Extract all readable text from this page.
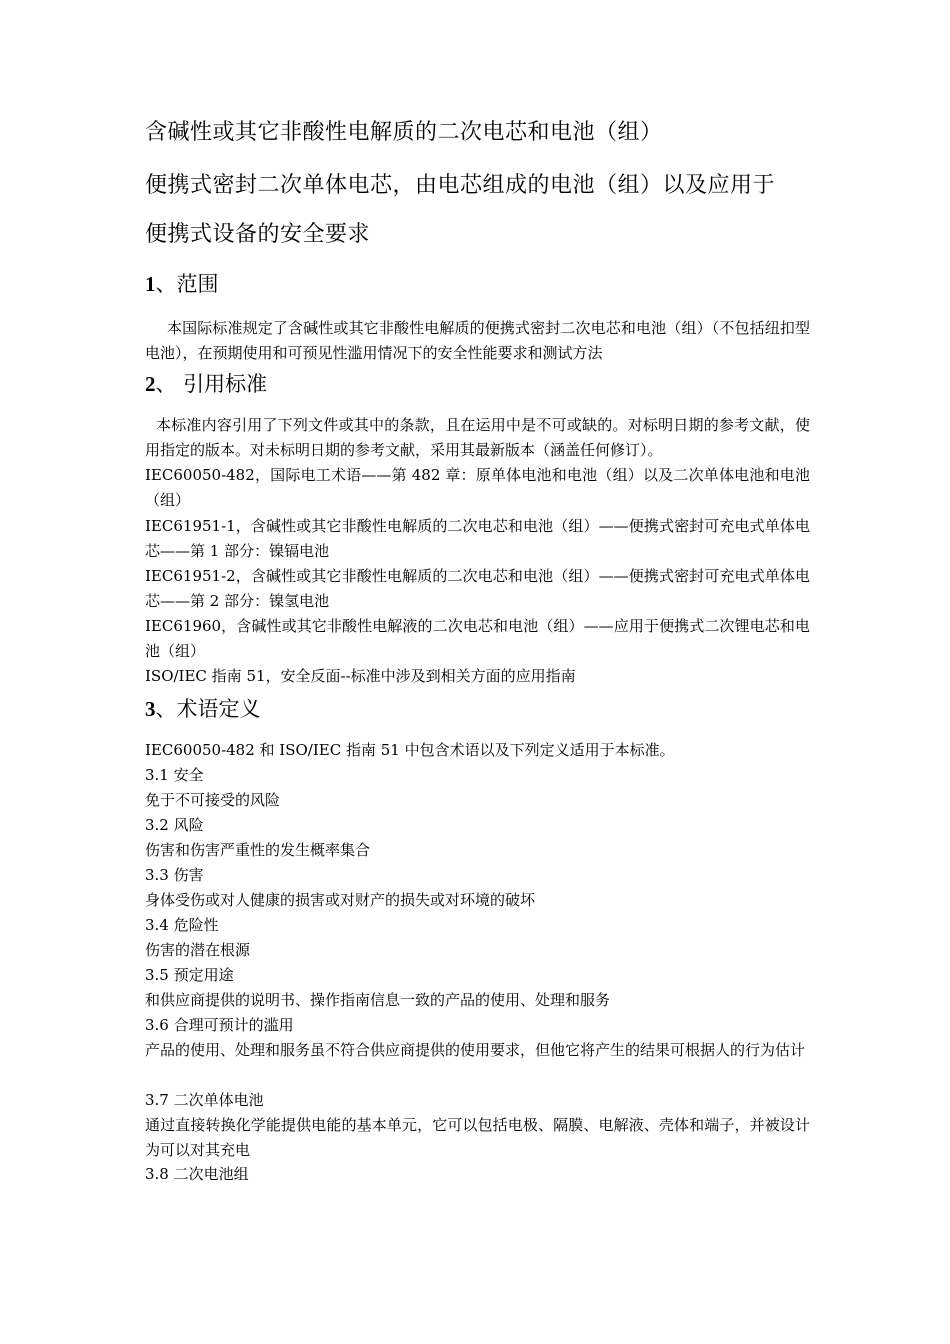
含碱性或其它非酸性电解质的二次电芯和电池（组）
便携式密封二次单体电芯，由电芯组成的电池（组）以及应用于
便携式设备的安全要求
1、范围
本国际标准规定了含碱性或其它非酸性电解质的便携式密封二次电芯和电池（组）（不包括纽扣型电池），在预期使用和可预见性滥用情况下的安全性能要求和测试方法
2、 引用标准
本标准内容引用了下列文件或其中的条款，且在运用中是不可或缺的。对标明日期的参考文献，使用指定的版本。对未标明日期的参考文献，采用其最新版本（涵盖任何修订）。
IEC60050-482，国际电工术语——第 482 章：原单体电池和电池（组）以及二次单体电池和电池（组）
IEC61951-1，含碱性或其它非酸性电解质的二次电芯和电池（组）——便携式密封可充电式单体电芯——第 1 部分：镍镉电池
IEC61951-2，含碱性或其它非酸性电解质的二次电芯和电池（组）——便携式密封可充电式单体电芯——第 2 部分：镍氢电池
IEC61960，含碱性或其它非酸性电解液的二次电芯和电池（组）——应用于便携式二次锂电芯和电池（组）
ISO/IEC 指南 51，安全反面--标准中涉及到相关方面的应用指南
3、术语定义
IEC60050-482 和 ISO/IEC 指南 51 中包含术语以及下列定义适用于本标准。
3.1 安全
免于不可接受的风险
3.2 风险
伤害和伤害严重性的发生概率集合
3.3 伤害
身体受伤或对人健康的损害或对财产的损失或对环境的破坏
3.4 危险性
伤害的潜在根源
3.5 预定用途
和供应商提供的说明书、操作指南信息一致的产品的使用、处理和服务
3.6 合理可预计的滥用
产品的使用、处理和服务虽不符合供应商提供的使用要求，但他它将产生的结果可根据人的行为估计
3.7 二次单体电池
通过直接转换化学能提供电能的基本单元，它可以包括电极、隔膜、电解液、壳体和端子，并被设计为可以对其充电
3.8 二次电池组
